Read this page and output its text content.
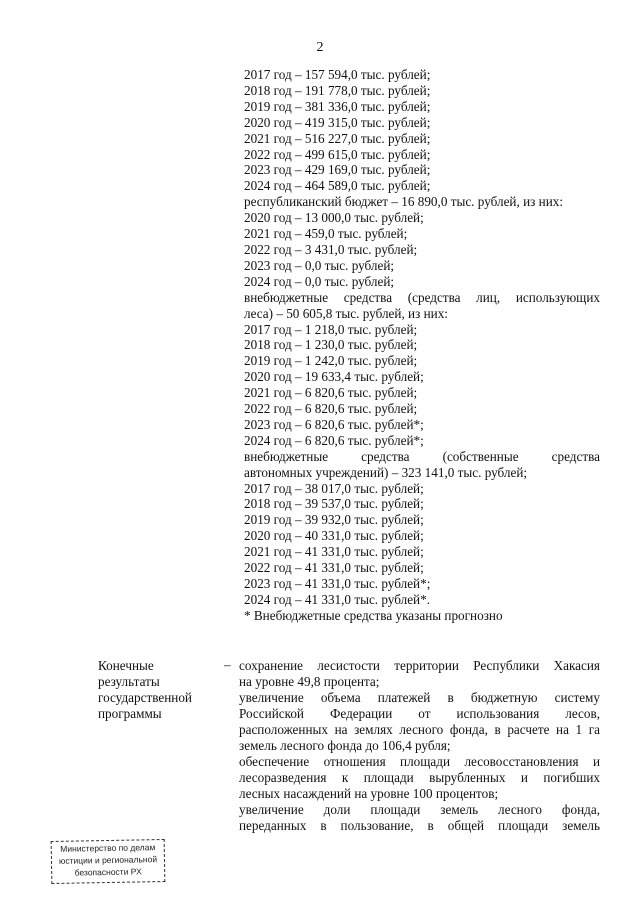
2
2017 год – 157 594,0 тыс. рублей;
2018 год – 191 778,0 тыс. рублей;
2019 год – 381 336,0 тыс. рублей;
2020 год – 419 315,0 тыс. рублей;
2021 год – 516 227,0 тыс. рублей;
2022 год – 499 615,0 тыс. рублей;
2023 год – 429 169,0 тыс. рублей;
2024 год – 464 589,0 тыс. рублей;
республиканский бюджет – 16 890,0 тыс. рублей, из них:
2020 год – 13 000,0 тыс. рублей;
2021 год – 459,0 тыс. рублей;
2022 год – 3 431,0 тыс. рублей;
2023 год – 0,0 тыс. рублей;
2024 год – 0,0 тыс. рублей;
внебюджетные средства (средства лиц, использующих
леса) – 50 605,8 тыс. рублей, из них:
2017 год – 1 218,0 тыс. рублей;
2018 год – 1 230,0 тыс. рублей;
2019 год – 1 242,0 тыс. рублей;
2020 год – 19 633,4 тыс. рублей;
2021 год – 6 820,6 тыс. рублей;
2022 год – 6 820,6 тыс. рублей;
2023 год – 6 820,6 тыс. рублей*;
2024 год – 6 820,6 тыс. рублей*;
внебюджетные средства (собственные средства
автономных учреждений) – 323 141,0 тыс. рублей;
2017 год – 38 017,0 тыс. рублей;
2018 год – 39 537,0 тыс. рублей;
2019 год – 39 932,0 тыс. рублей;
2020 год – 40 331,0 тыс. рублей;
2021 год – 41 331,0 тыс. рублей;
2022 год – 41 331,0 тыс. рублей;
2023 год – 41 331,0 тыс. рублей*;
2024 год – 41 331,0 тыс. рублей*.
* Внебюджетные средства указаны прогнозно
Конечные
результаты
государственной
программы
– сохранение лесистости территории Республики Хакасия
на уровне 49,8 процента;
увеличение объема платежей в бюджетную систему
Российской Федерации от использования лесов,
расположенных на землях лесного фонда, в расчете на 1 га
земель лесного фонда до 106,4 рубля;
обеспечение отношения площади лесовосстановления и
лесоразведения к площади вырубленных и погибших
лесных насаждений на уровне 100 процентов;
увеличение доли площади земель лесного фонда,
переданных в пользование, в общей площади земель
Министерство по делам
юстиции и региональной
безопасности РХ
